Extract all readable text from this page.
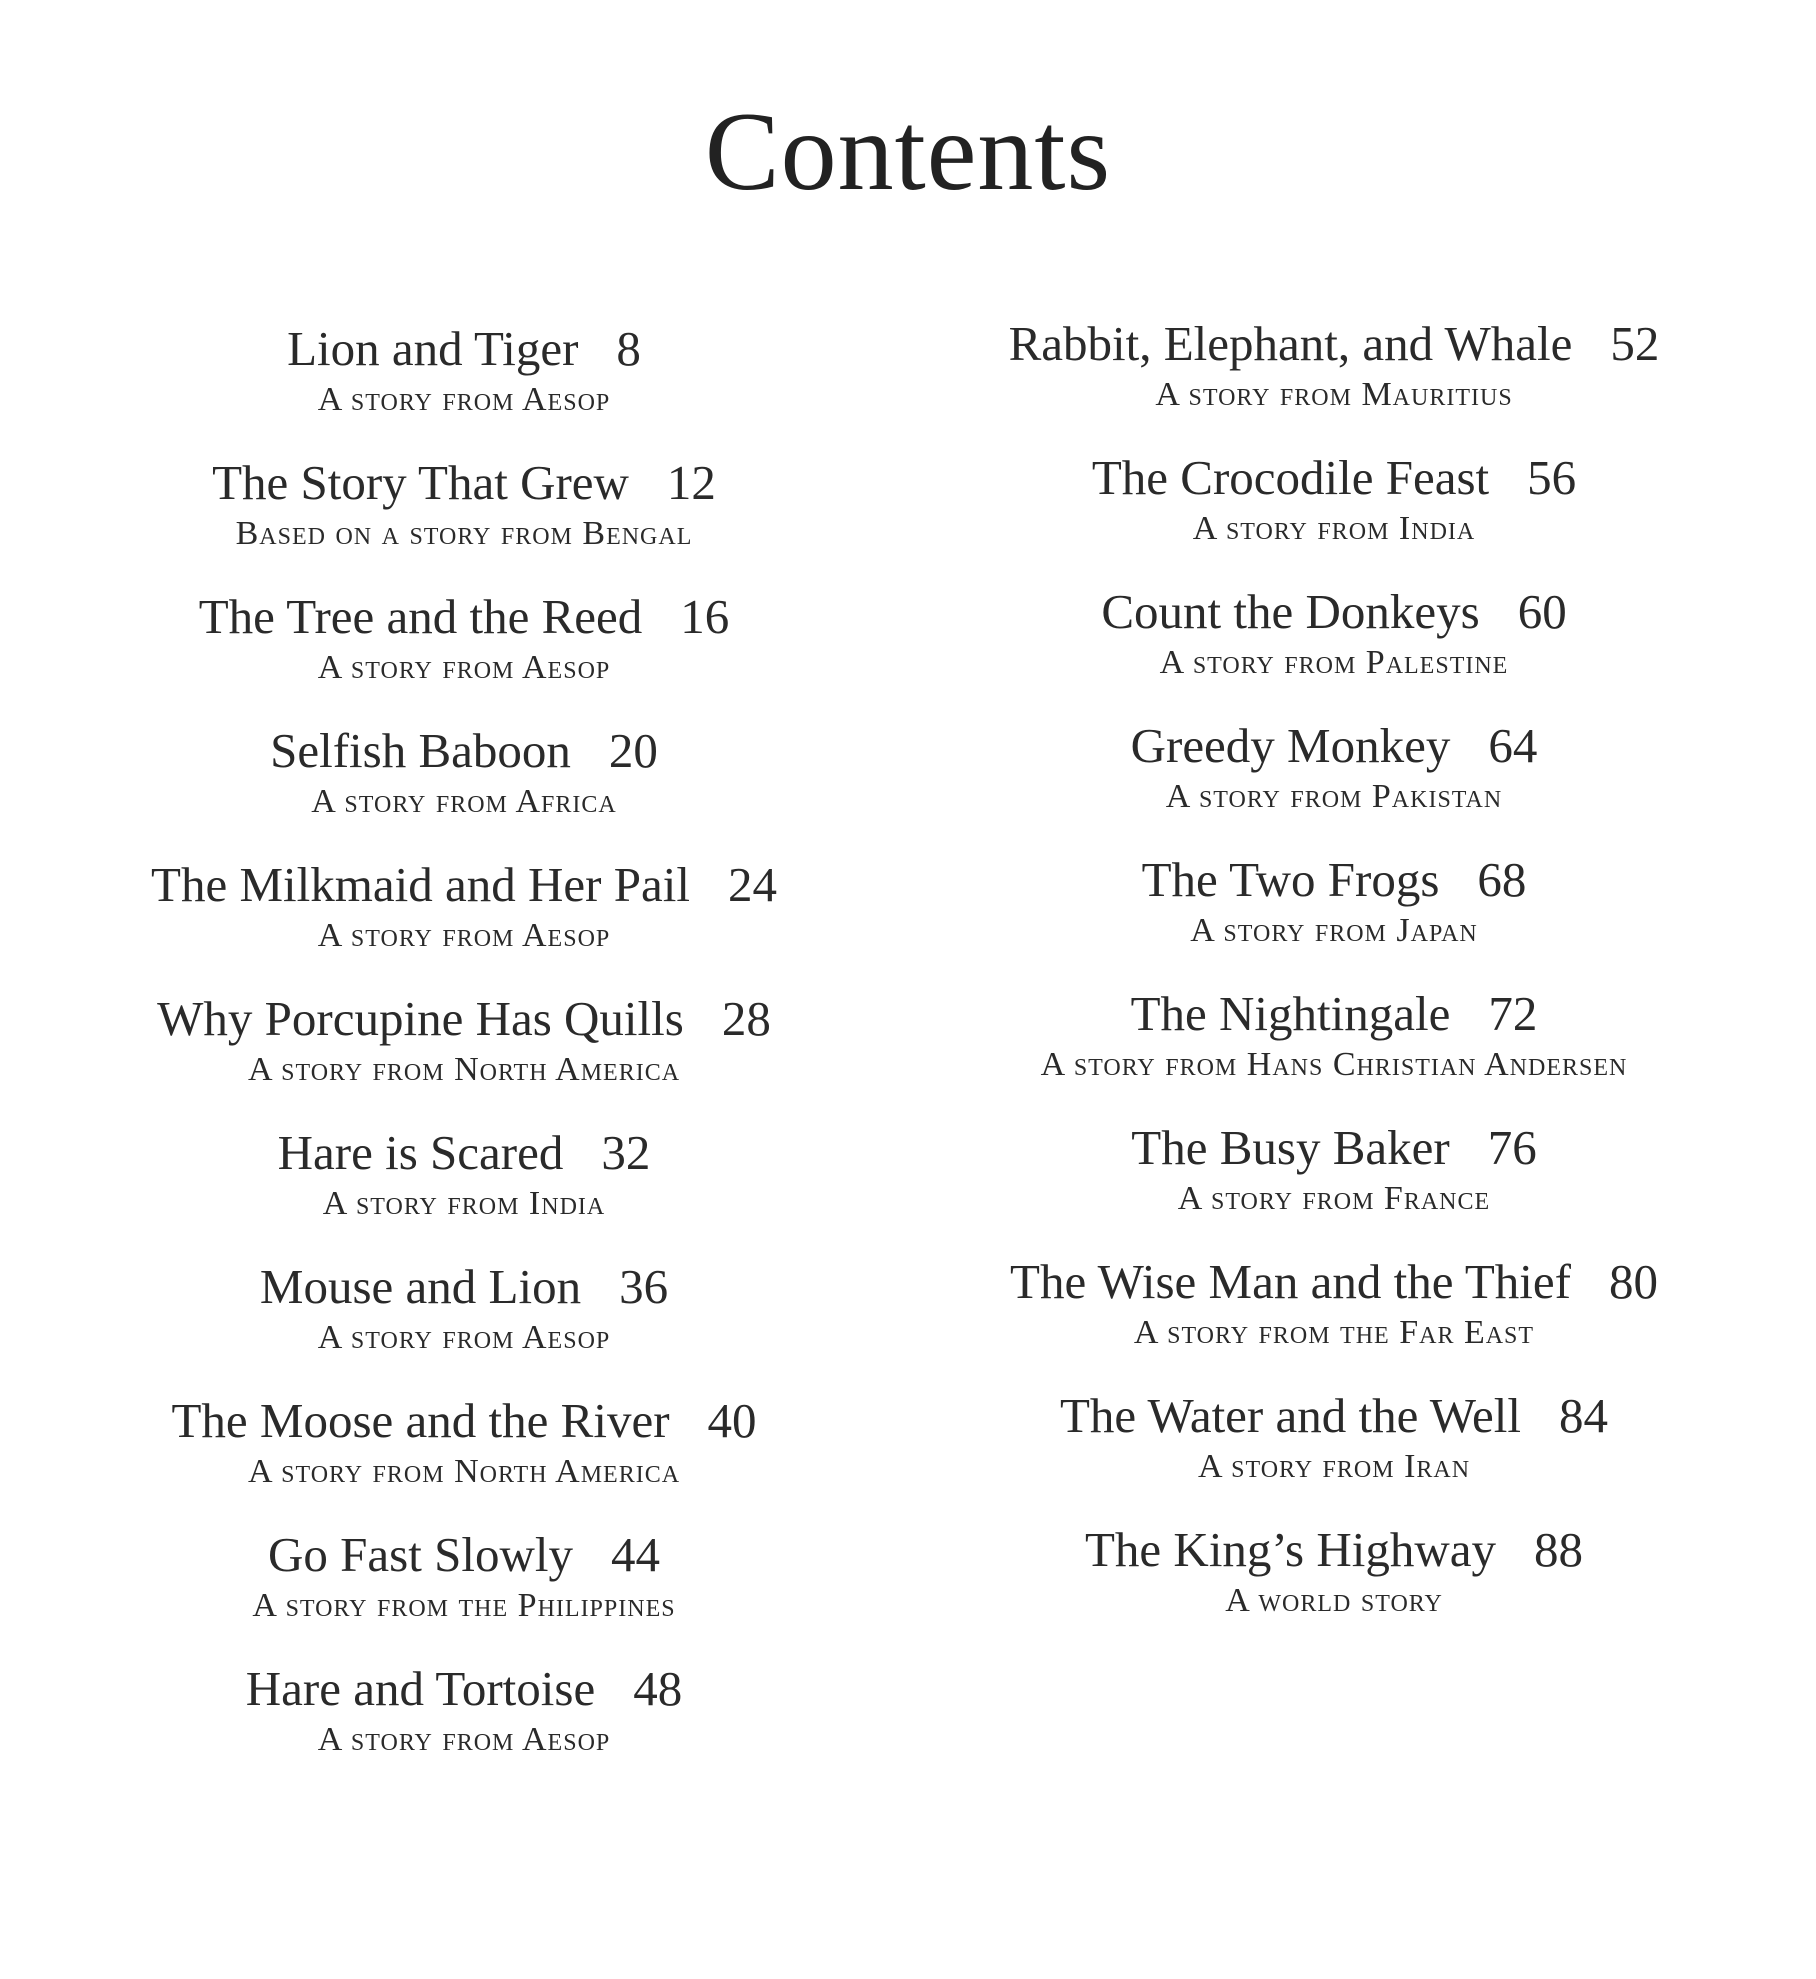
Contents
Lion and Tiger 8
A story from Aesop
The Story That Grew 12
Based on a story from Bengal
The Tree and the Reed 16
A story from Aesop
Selfish Baboon 20
A story from Africa
The Milkmaid and Her Pail 24
A story from Aesop
Why Porcupine Has Quills 28
A story from North America
Hare is Scared 32
A story from India
Mouse and Lion 36
A story from Aesop
The Moose and the River 40
A story from North America
Go Fast Slowly 44
A story from the Philippines
Hare and Tortoise 48
A story from Aesop
Rabbit, Elephant, and Whale 52
A story from Mauritius
The Crocodile Feast 56
A story from India
Count the Donkeys 60
A story from Palestine
Greedy Monkey 64
A story from Pakistan
The Two Frogs 68
A story from Japan
The Nightingale 72
A story from Hans Christian Andersen
The Busy Baker 76
A story from France
The Wise Man and the Thief 80
A story from the Far East
The Water and the Well 84
A story from Iran
The King’s Highway 88
A world story
